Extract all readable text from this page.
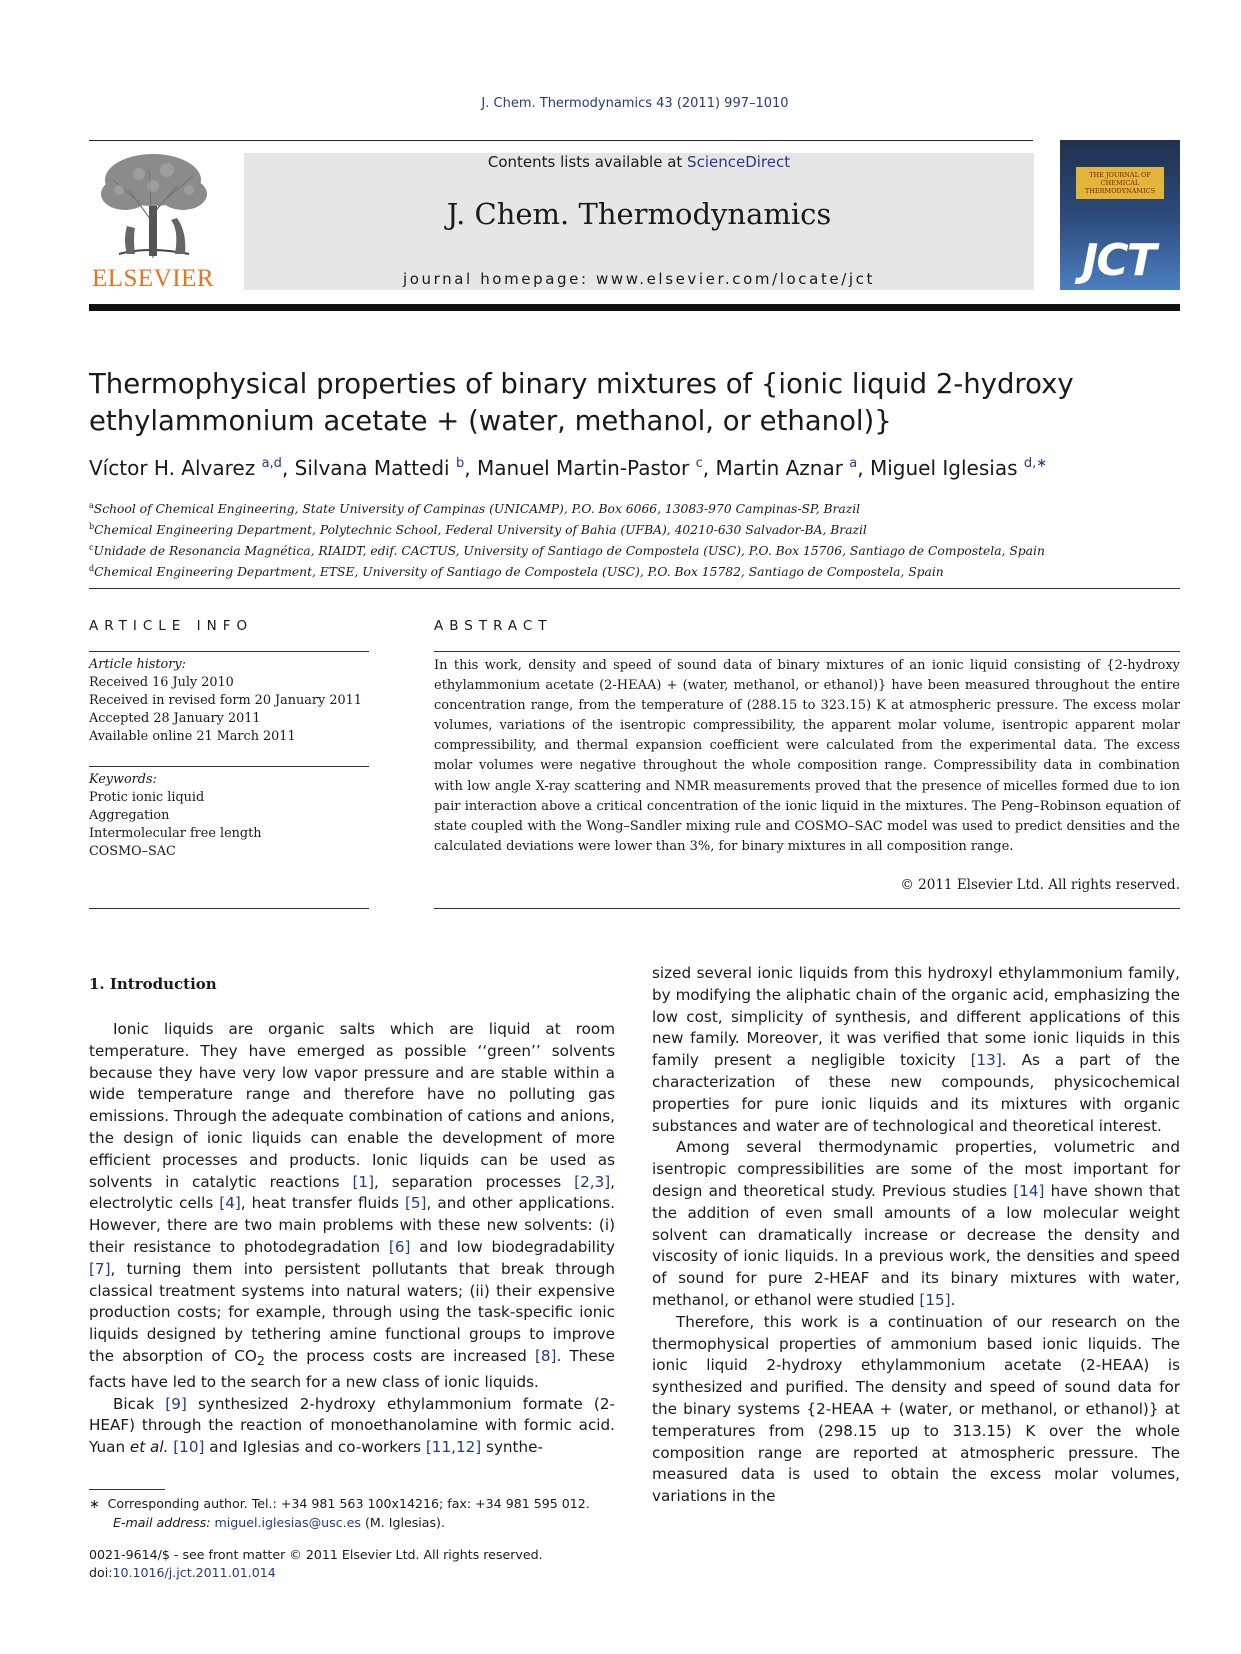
J. Chem. Thermodynamics 43 (2011) 997–1010
ELSEVIER
Contents lists available at ScienceDirect
J. Chem. Thermodynamics
journal homepage: www.elsevier.com/locate/jct
THE JOURNAL OF CHEMICAL THERMODYNAMICS
JCT
Thermophysical properties of binary mixtures of {ionic liquid 2-hydroxy ethylammonium acetate + (water, methanol, or ethanol)}
Víctor H. Alvarez $^{a,d}$, Silvana Mattedi $^b$, Manuel Martin-Pastor $^c$, Martin Aznar $^a$, Miguel Iglesias $^{d,∗}$
$^a$School of Chemical Engineering, State University of Campinas (UNICAMP), P.O. Box 6066, 13083-970 Campinas-SP, Brazil
$^b$Chemical Engineering Department, Polytechnic School, Federal University of Bahia (UFBA), 40210-630 Salvador-BA, Brazil
$^c$Unidade de Resonancia Magnética, RIAIDT, edif. CACTUS, University of Santiago de Compostela (USC), P.O. Box 15706, Santiago de Compostela, Spain
$^d$Chemical Engineering Department, ETSE, University of Santiago de Compostela (USC), P.O. Box 15782, Santiago de Compostela, Spain
ARTICLE INFO
Article history:
Received 16 July 2010
Received in revised form 20 January 2011
Accepted 28 January 2011
Available online 21 March 2011
Keywords:
Protic ionic liquid
Aggregation
Intermolecular free length
COSMO–SAC
ABSTRACT
In this work, density and speed of sound data of binary mixtures of an ionic liquid consisting of {2-hydroxy ethylammonium acetate (2-HEAA) + (water, methanol, or ethanol)} have been measured throughout the entire concentration range, from the temperature of (288.15 to 323.15) K at atmospheric pressure. The excess molar volumes, variations of the isentropic compressibility, the apparent molar volume, isentropic apparent molar compressibility, and thermal expansion coefficient were calculated from the experimental data. The excess molar volumes were negative throughout the whole composition range. Compressibility data in combination with low angle X-ray scattering and NMR measurements proved that the presence of micelles formed due to ion pair interaction above a critical concentration of the ionic liquid in the mixtures. The Peng–Robinson equation of state coupled with the Wong–Sandler mixing rule and COSMO–SAC model was used to predict densities and the calculated deviations were lower than 3%, for binary mixtures in all composition range.
© 2011 Elsevier Ltd. All rights reserved.
1. Introduction

Ionic liquids are organic salts which are liquid at room temperature. They have emerged as possible ‘‘green’’ solvents because they have very low vapor pressure and are stable within a wide temperature range and therefore have no polluting gas emissions. Through the adequate combination of cations and anions, the design of ionic liquids can enable the development of more efficient processes and products. Ionic liquids can be used as solvents in catalytic reactions [1], separation processes [2,3], electrolytic cells [4], heat transfer fluids [5], and other applications. However, there are two main problems with these new solvents: (i) their resistance to photodegradation [6] and low biodegradability [7], turning them into persistent pollutants that break through classical treatment systems into natural waters; (ii) their expensive production costs; for example, through using the task-specific ionic liquids designed by tethering amine functional groups to improve the absorption of $CO_2$ the process costs are increased [8]. These facts have led to the search for a new class of ionic liquids.

Bicak [9] synthesized 2-hydroxy ethylammonium formate (2-HEAF) through the reaction of monoethanolamine with formic acid. Yuan et al. [10] and Iglesias and co-workers [11,12] synthe-

sized several ionic liquids from this hydroxyl ethylammonium family, by modifying the aliphatic chain of the organic acid, emphasizing the low cost, simplicity of synthesis, and different applications of this new family. Moreover, it was verified that some ionic liquids in this family present a negligible toxicity [13]. As a part of the characterization of these new compounds, physicochemical properties for pure ionic liquids and its mixtures with organic substances and water are of technological and theoretical interest.

Among several thermodynamic properties, volumetric and isentropic compressibilities are some of the most important for design and theoretical study. Previous studies [14] have shown that the addition of even small amounts of a low molecular weight solvent can dramatically increase or decrease the density and viscosity of ionic liquids. In a previous work, the densities and speed of sound for pure 2-HEAF and its binary mixtures with water, methanol, or ethanol were studied [15].

Therefore, this work is a continuation of our research on the thermophysical properties of ammonium based ionic liquids. The ionic liquid 2-hydroxy ethylammonium acetate (2-HEAA) is synthesized and purified. The density and speed of sound data for the binary systems {2-HEAA + (water, or methanol, or ethanol)} at temperatures from (298.15 up to 313.15) K over the whole composition range are reported at atmospheric pressure. The measured data is used to obtain the excess molar volumes, variations in the

∗ Corresponding author. Tel.: +34 981 563 100x14216; fax: +34 981 595 012.
E-mail address: miguel.iglesias@usc.es (M. Iglesias).
0021-9614/$ - see front matter © 2011 Elsevier Ltd. All rights reserved.
doi:10.1016/j.jct.2011.01.014
